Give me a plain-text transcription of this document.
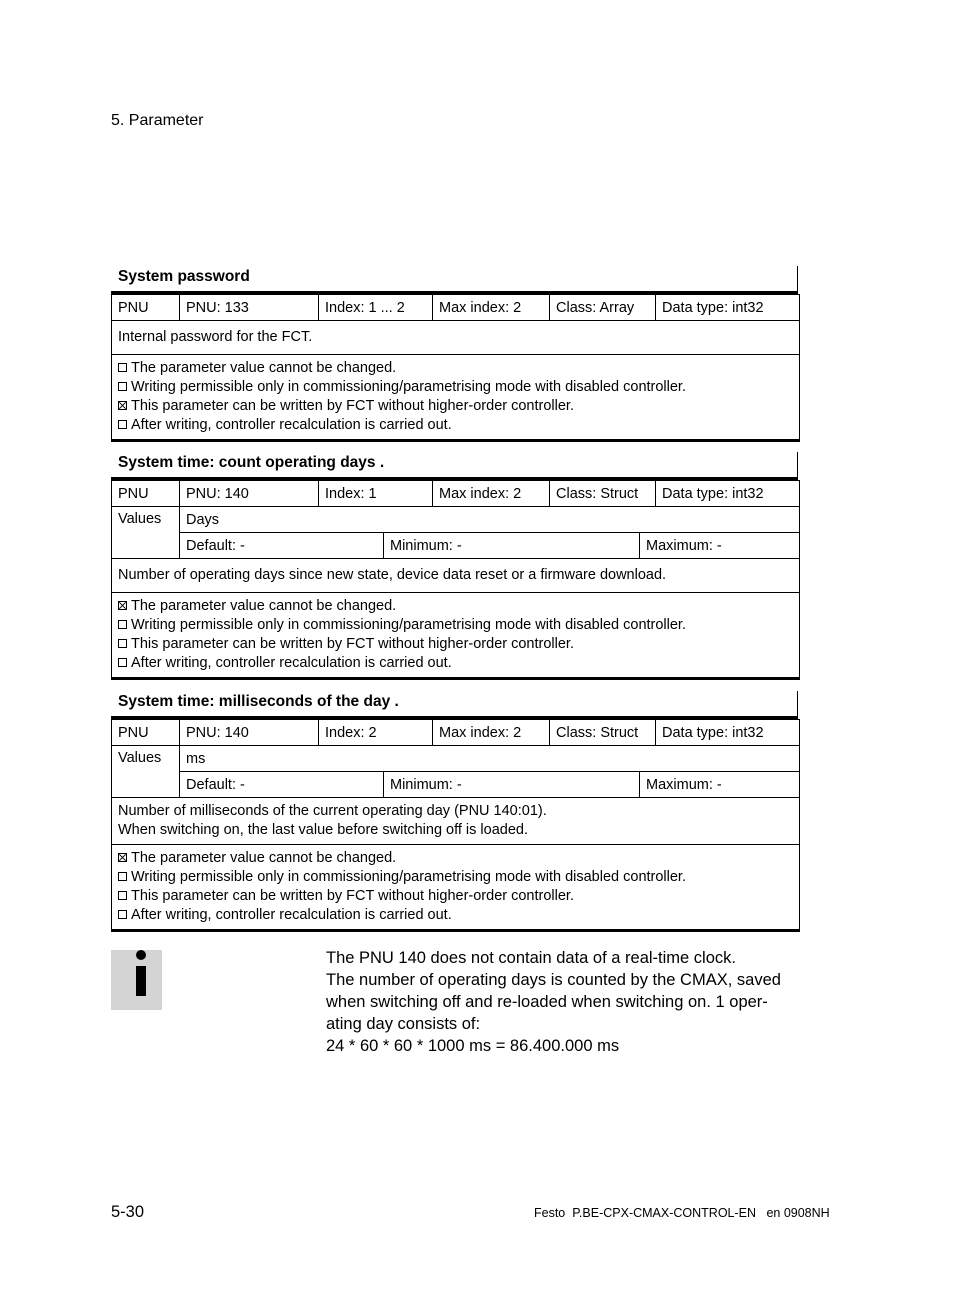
5. Parameter
System password
PNU	PNU: 133	Index: 1 ... 2	Max index: 2	Class: Array	Data type: int32

Internal password for the FCT.

The parameter value cannot be changed.
Writing permissible only in commissioning/parametrising mode with disabled controller.
This parameter can be written by FCT without higher-order controller.
After writing, controller recalculation is carried out.
System time: count operating days .
PNU	PNU: 140	Index: 1		Max index: 2	Class: Struct		Data type: int32
Values	Days						
	Default: -		Minimum: -			Maximum: -	

Number of operating days since new state, device data reset or a firmware download.							

The parameter value cannot be changed.
Writing permissible only in commissioning/parametrising mode with disabled controller.
This parameter can be written by FCT without higher-order controller.
After writing, controller recalculation is carried out.							
System time: milliseconds of the day .
PNU	PNU: 140	Index: 2		Max index: 2	Class: Struct		Data type: int32
Values	ms						
	Default: -		Minimum: -			Maximum: -	

Number of milliseconds of the current operating day (PNU 140:01).
When switching on, the last value before switching off is loaded.							

The parameter value cannot be changed.
Writing permissible only in commissioning/parametrising mode with disabled controller.
This parameter can be written by FCT without higher-order controller.
After writing, controller recalculation is carried out.							
The PNU 140 does not contain data of a real-time clock.
The number of operating days is counted by the CMAX, saved
when switching off and re-loaded when switching on. 1 oper-
ating day consists of:
24 * 60 * 60 * 1000 ms = 86.400.000 ms
5-30	Festo  P.BE-CPX-CMAX-CONTROL-EN   en 0908NH
